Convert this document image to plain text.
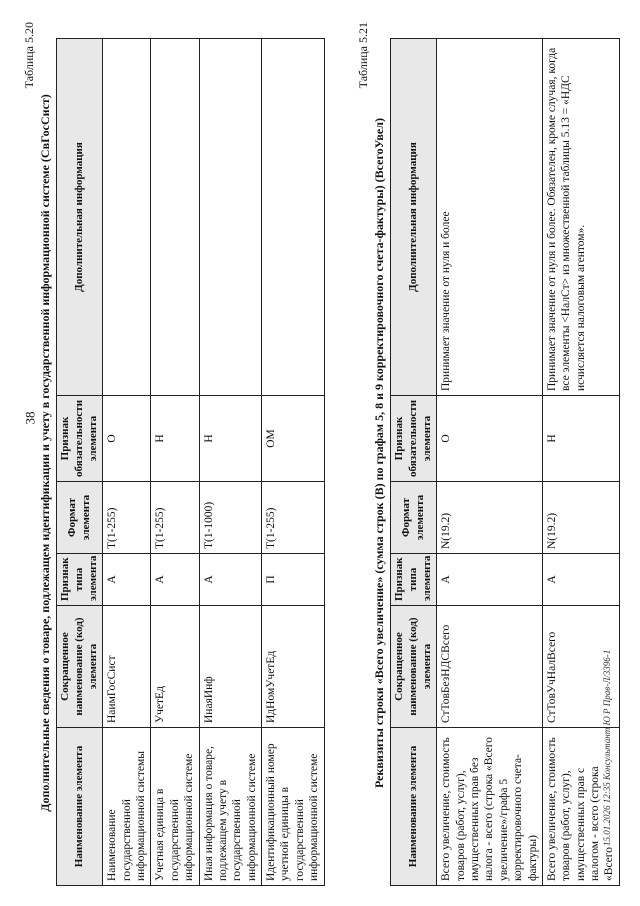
38
Таблица 5.20
Дополнительные сведения о товаре, подлежащем идентификации и учету в государственной информационной системе (СвГосСист) Наименование элемента	Сокращенное наименование (код) элемента	Признак типа элемента	Формат элемента	Признак обязательности элемента	Дополнительная информация
Наименование государственной информационной системы	НаимГосСист	А	Т(1-255)	О	
Учетная единица в государственной информационной системе	УчетЕд	А	Т(1-255)	Н	
Иная информация о товаре, подлежащем учету в государственной информационной системе	ИнаяИнф	А	Т(1-1000)	Н	
Идентификационный номер учетной единицы в государственной информационной системе	ИдНомУчетЕд	П	Т(1-255)	ОМ	
Таблица 5.21
Реквизиты строки «Всего увеличение» (сумма строк (В) по графам 5, 8 и 9 корректировочного счета-фактуры) (ВсегоУвел)
Наименование элемента	Сокращенное наименование (код) элемента	Признак типа элемента	Формат элемента	Признак обязательности элемента	Дополнительная информация
Всего увеличение, стоимость товаров (работ, услуг), имущественных прав без налога - всего (строка «Всего увеличение»/графа 5 корректировочного счета-фактуры)	СтТовБезНДСВсего	А	N(19.2)	О	Принимает значение от нуля и более
Всего увеличение, стоимость товаров (работ, услуг), имущественных прав с налогом - всего (строка «Всего	СтТовУчНалВсего	А	N(19.2)	Н	Принимает значение от нуля и более. Обязателен, кроме случая, когда все элементы <НалСт> из множественной таблицы 5.13 = «НДС исчисляется налоговым агентом».
15.01.2026 12:35 Консультант Ю Р Прав-Л/3396-1
